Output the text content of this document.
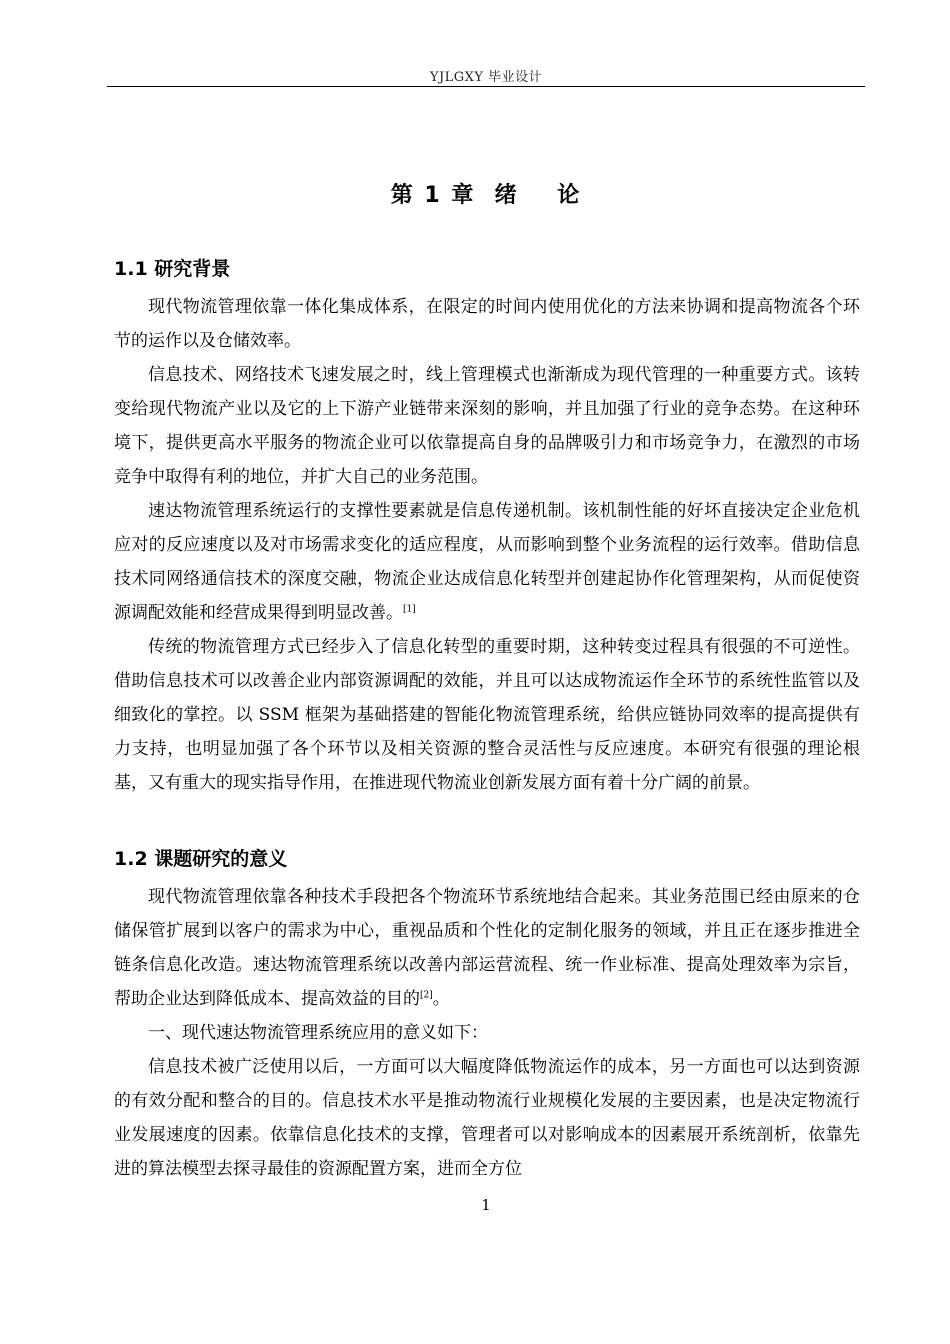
YJLGXY 毕业设计
第 1 章  绪    论
1.1 研究背景

现代物流管理依靠一体化集成体系，在限定的时间内使用优化的方法来协调和提高物流各个环节的运作以及仓储效率。

信息技术、网络技术飞速发展之时，线上管理模式也渐渐成为现代管理的一种重要方式。该转变给现代物流产业以及它的上下游产业链带来深刻的影响，并且加强了行业的竞争态势。在这种环境下，提供更高水平服务的物流企业可以依靠提高自身的品牌吸引力和市场竞争力，在激烈的市场竞争中取得有利的地位，并扩大自己的业务范围。

速达物流管理系统运行的支撑性要素就是信息传递机制。该机制性能的好坏直接决定企业危机应对的反应速度以及对市场需求变化的适应程度，从而影响到整个业务流程的运行效率。借助信息技术同网络通信技术的深度交融，物流企业达成信息化转型并创建起协作化管理架构，从而促使资源调配效能和经营成果得到明显改善。[1]

传统的物流管理方式已经步入了信息化转型的重要时期，这种转变过程具有很强的不可逆性。借助信息技术可以改善企业内部资源调配的效能，并且可以达成物流运作全环节的系统性监管以及细致化的掌控。以 SSM 框架为基础搭建的智能化物流管理系统，给供应链协同效率的提高提供有力支持，也明显加强了各个环节以及相关资源的整合灵活性与反应速度。本研究有很强的理论根基，又有重大的现实指导作用，在推进现代物流业创新发展方面有着十分广阔的前景。

1.2 课题研究的意义

现代物流管理依靠各种技术手段把各个物流环节系统地结合起来。其业务范围已经由原来的仓储保管扩展到以客户的需求为中心，重视品质和个性化的定制化服务的领域，并且正在逐步推进全链条信息化改造。速达物流管理系统以改善内部运营流程、统一作业标准、提高处理效率为宗旨，帮助企业达到降低成本、提高效益的目的[2]。

一、现代速达物流管理系统应用的意义如下：

信息技术被广泛使用以后，一方面可以大幅度降低物流运作的成本，另一方面也可以达到资源的有效分配和整合的目的。信息技术水平是推动物流行业规模化发展的主要因素，也是决定物流行业发展速度的因素。依靠信息化技术的支撑，管理者可以对影响成本的因素展开系统剖析，依靠先进的算法模型去探寻最佳的资源配置方案，进而全方位

1
